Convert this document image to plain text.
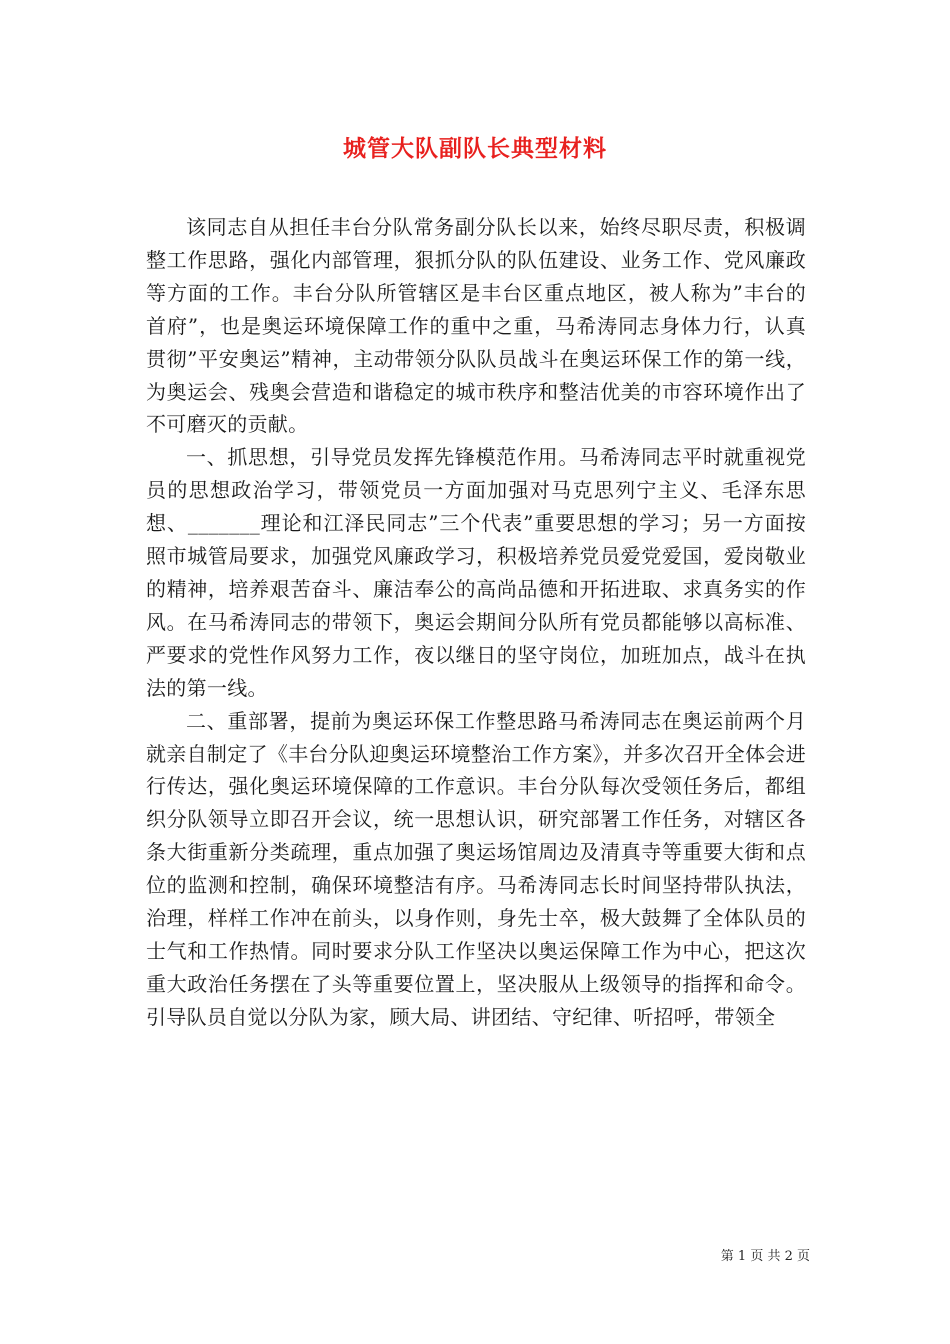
城管大队副队长典型材料

该同志自从担任丰台分队常务副分队长以来，始终尽职尽责，积极调整工作思路，强化内部管理，狠抓分队的队伍建设、业务工作、党风廉政等方面的工作。丰台分队所管辖区是丰台区重点地区，被人称为”丰台的首府”，也是奥运环境保障工作的重中之重，马希涛同志身体力行，认真贯彻”平安奥运”精神，主动带领分队队员战斗在奥运环保工作的第一线，为奥运会、残奥会营造和谐稳定的城市秩序和整洁优美的市容环境作出了不可磨灭的贡献。

一、抓思想，引导党员发挥先锋模范作用。马希涛同志平时就重视党员的思想政治学习，带领党员一方面加强对马克思列宁主义、毛泽东思想、_______理论和江泽民同志”三个代表”重要思想的学习；另一方面按照市城管局要求，加强党风廉政学习，积极培养党员爱党爱国，爱岗敬业的精神，培养艰苦奋斗、廉洁奉公的高尚品德和开拓进取、求真务实的作风。在马希涛同志的带领下，奥运会期间分队所有党员都能够以高标准、严要求的党性作风努力工作，夜以继日的坚守岗位，加班加点，战斗在执法的第一线。

二、重部署，提前为奥运环保工作整思路马希涛同志在奥运前两个月就亲自制定了《丰台分队迎奥运环境整治工作方案》，并多次召开全体会进行传达，强化奥运环境保障的工作意识。丰台分队每次受领任务后，都组织分队领导立即召开会议，统一思想认识，研究部署工作任务，对辖区各条大街重新分类疏理，重点加强了奥运场馆周边及清真寺等重要大街和点位的监测和控制，确保环境整洁有序。马希涛同志长时间坚持带队执法，治理，样样工作冲在前头，以身作则，身先士卒，极大鼓舞了全体队员的士气和工作热情。同时要求分队工作坚决以奥运保障工作为中心，把这次重大政治任务摆在了头等重要位置上，坚决服从上级领导的指挥和命令。引导队员自觉以分队为家，顾大局、讲团结、守纪律、听招呼，带领全

第 1 页 共 2 页
